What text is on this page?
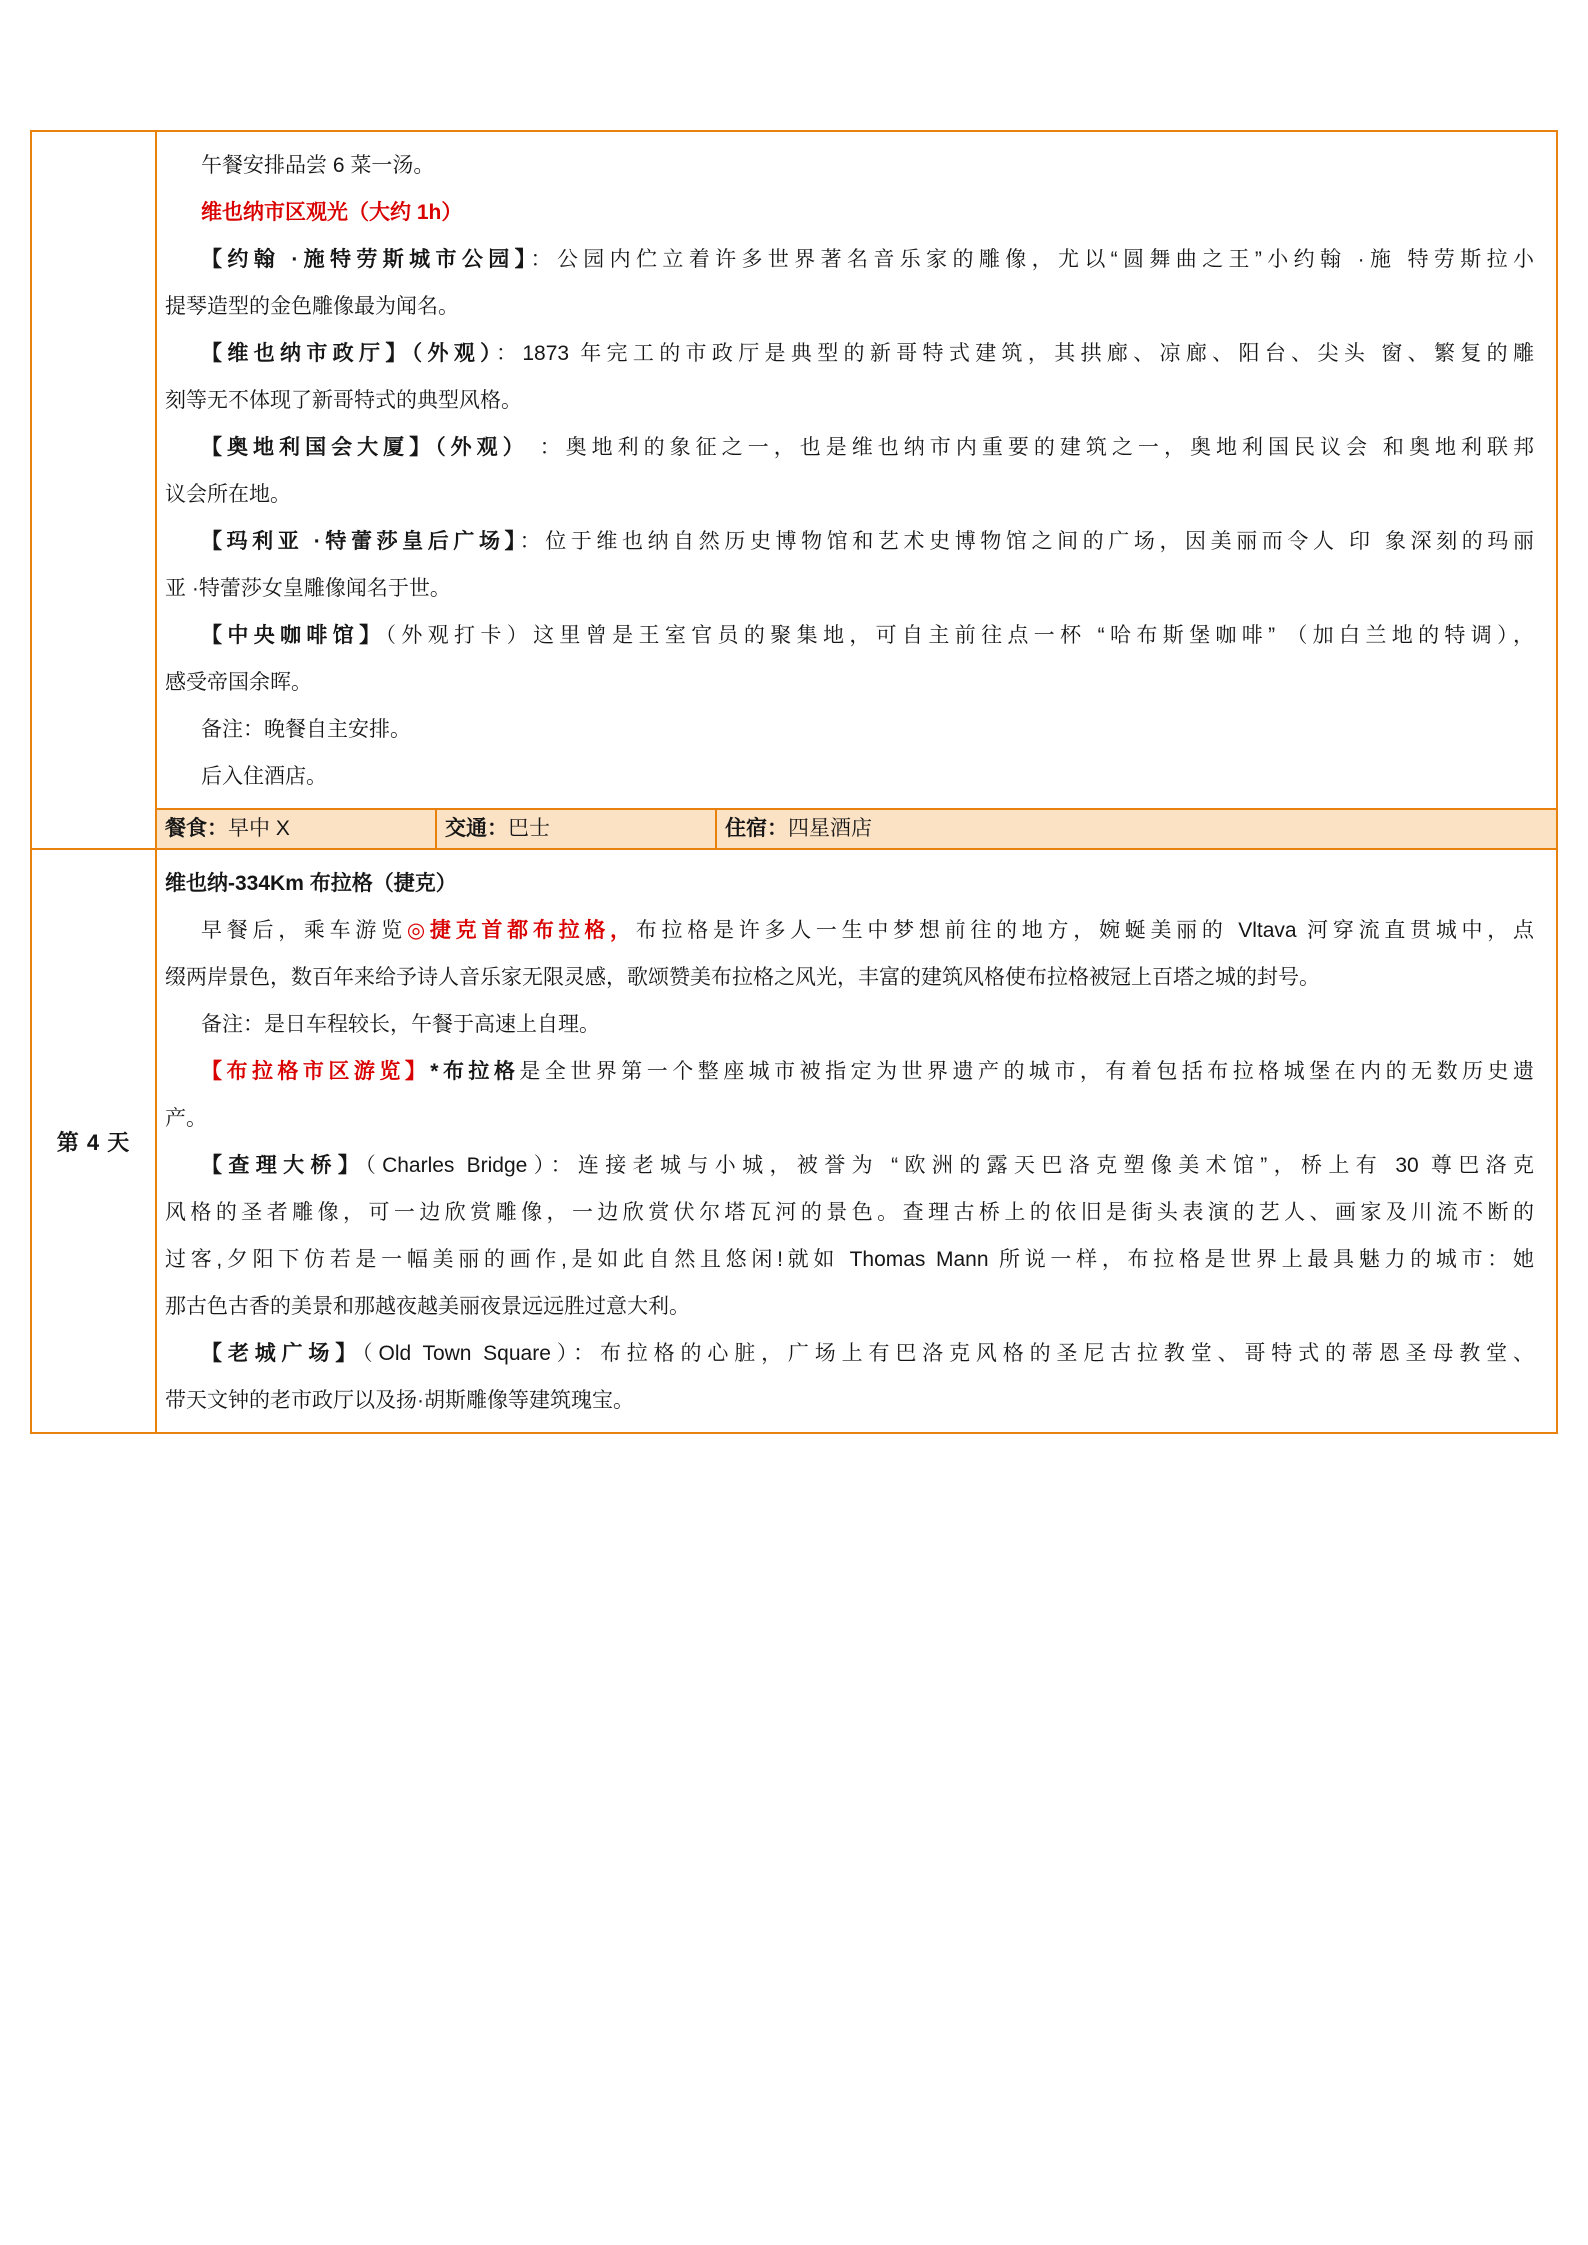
午餐安排品尝 6 菜一汤。
维也纳市区观光（大约 1h）
【约翰 ·施特劳斯城市公园】：公园内伫立着许多世界著名音乐家的雕像，尤以“圆舞曲之王”小约翰 ·施 特劳斯拉小
提琴造型的金色雕像最为闻名。
【维也纳市政厅】（外观）：1873 年完工的市政厅是典型的新哥特式建筑，其拱廊、凉廊、阳台、尖头 窗、繁复的雕
刻等无不体现了新哥特式的典型风格。
【奥地利国会大厦】（外观） ：奥地利的象征之一，也是维也纳市内重要的建筑之一，奥地利国民议会 和奥地利联邦
议会所在地。
【玛利亚 ·特蕾莎皇后广场】：位于维也纳自然历史博物馆和艺术史博物馆之间的广场，因美丽而令人 印 象深刻的玛丽
亚 ·特蕾莎女皇雕像闻名于世。
【中央咖啡馆】（外观打卡）这里曾是王室官员的聚集地，可自主前往点一杯 “哈布斯堡咖啡” （加白兰地的特调），
感受帝国余晖。
备注：晚餐自主安排。
后入住酒店。
餐食：早中 X	交通：巴士	住宿：四星酒店
第 4 天
维也纳-334Km 布拉格（捷克）
早餐后，乘车游览◎捷克首都布拉格，布拉格是许多人一生中梦想前往的地方，婉蜒美丽的 Vltava 河穿流直贯城中，点
缀两岸景色，数百年来给予诗人音乐家无限灵感，歌颂赞美布拉格之风光，丰富的建筑风格使布拉格被冠上百塔之城的封号。
备注：是日车程较长，午餐于高速上自理。
【布拉格市区游览】*布拉格是全世界第一个整座城市被指定为世界遗产的城市，有着包括布拉格城堡在内的无数历史遗
产。
【查理大桥】（Charles Bridge）：连接老城与小城，被誉为 “欧洲的露天巴洛克塑像美术馆”，桥上有 30 尊巴洛克
风格的圣者雕像，可一边欣赏雕像，一边欣赏伏尔塔瓦河的景色。查理古桥上的依旧是街头表演的艺人、画家及川流不断的
过客,夕阳下仿若是一幅美丽的画作,是如此自然且悠闲!就如 Thomas Mann 所说一样，布拉格是世界上最具魅力的城市：她
那古色古香的美景和那越夜越美丽夜景远远胜过意大利。
【老城广场】（Old Town Square）：布拉格的心脏，广场上有巴洛克风格的圣尼古拉教堂、哥特式的蒂恩圣母教堂、
带天文钟的老市政厅以及扬·胡斯雕像等建筑瑰宝。
